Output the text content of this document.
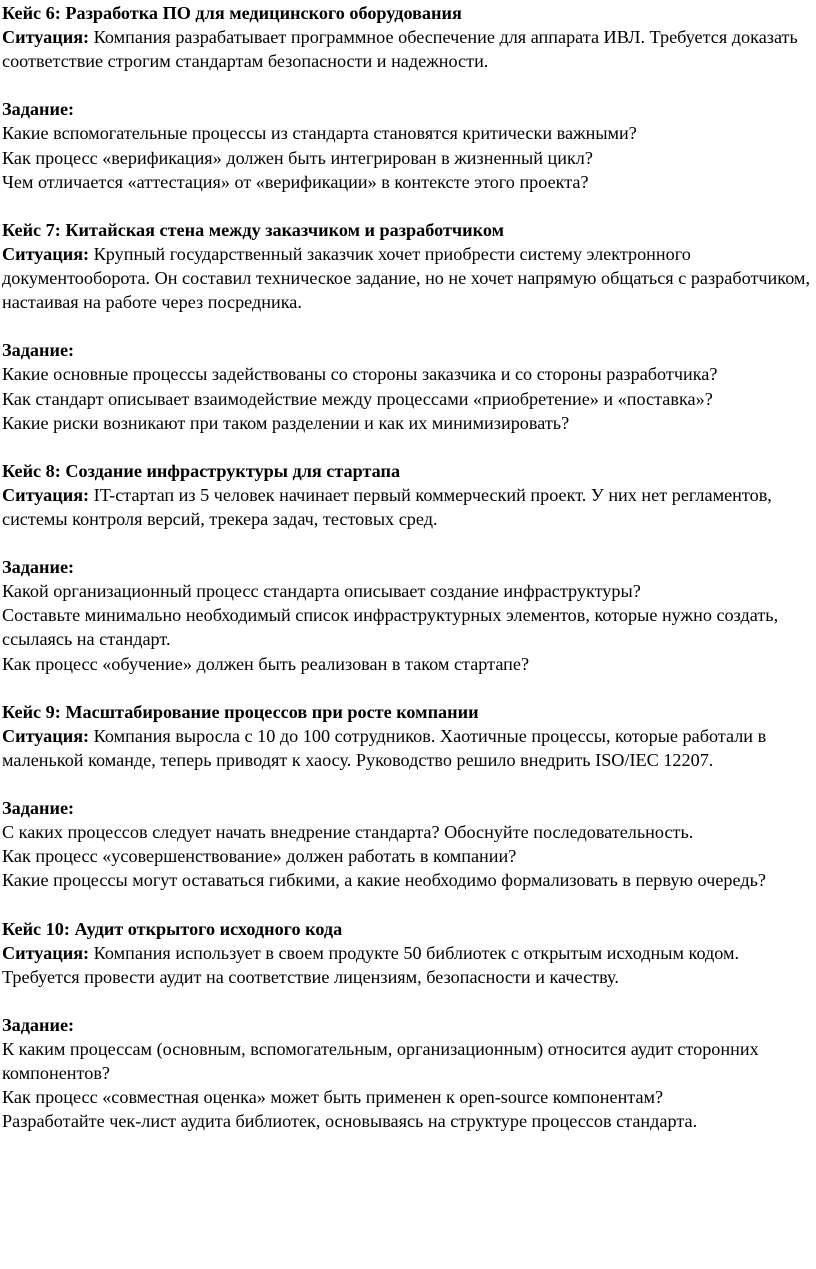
Кейс 6: Разработка ПО для медицинского оборудования

Ситуация: Компания разрабатывает программное обеспечение для аппарата ИВЛ. Требуется доказать соответствие строгим стандартам безопасности и надежности.

Задание:

Какие вспомогательные процессы из стандарта становятся критически важными?

Как процесс «верификация» должен быть интегрирован в жизненный цикл?

Чем отличается «аттестация» от «верификации» в контексте этого проекта?

Кейс 7: Китайская стена между заказчиком и разработчиком

Ситуация: Крупный государственный заказчик хочет приобрести систему электронного документооборота. Он составил техническое задание, но не хочет напрямую общаться с разработчиком, настаивая на работе через посредника.

Задание:

Какие основные процессы задействованы со стороны заказчика и со стороны разработчика?

Как стандарт описывает взаимодействие между процессами «приобретение» и «поставка»?

Какие риски возникают при таком разделении и как их минимизировать?

Кейс 8: Создание инфраструктуры для стартапа

Ситуация: IT-стартап из 5 человек начинает первый коммерческий проект. У них нет регламентов, системы контроля версий, трекера задач, тестовых сред.

Задание:

Какой организационный процесс стандарта описывает создание инфраструктуры?

Составьте минимально необходимый список инфраструктурных элементов, которые нужно создать, ссылаясь на стандарт.

Как процесс «обучение» должен быть реализован в таком стартапе?

Кейс 9: Масштабирование процессов при росте компании

Ситуация: Компания выросла с 10 до 100 сотрудников. Хаотичные процессы, которые работали в маленькой команде, теперь приводят к хаосу. Руководство решило внедрить ISO/IEC 12207.

Задание:

С каких процессов следует начать внедрение стандарта? Обоснуйте последовательность.

Как процесс «усовершенствование» должен работать в компании?

Какие процессы могут оставаться гибкими, а какие необходимо формализовать в первую очередь?

Кейс 10: Аудит открытого исходного кода

Ситуация: Компания использует в своем продукте 50 библиотек с открытым исходным кодом. Требуется провести аудит на соответствие лицензиям, безопасности и качеству.

Задание:

К каким процессам (основным, вспомогательным, организационным) относится аудит сторонних компонентов?

Как процесс «совместная оценка» может быть применен к open-source компонентам?

Разработайте чек-лист аудита библиотек, основываясь на структуре процессов стандарта.
